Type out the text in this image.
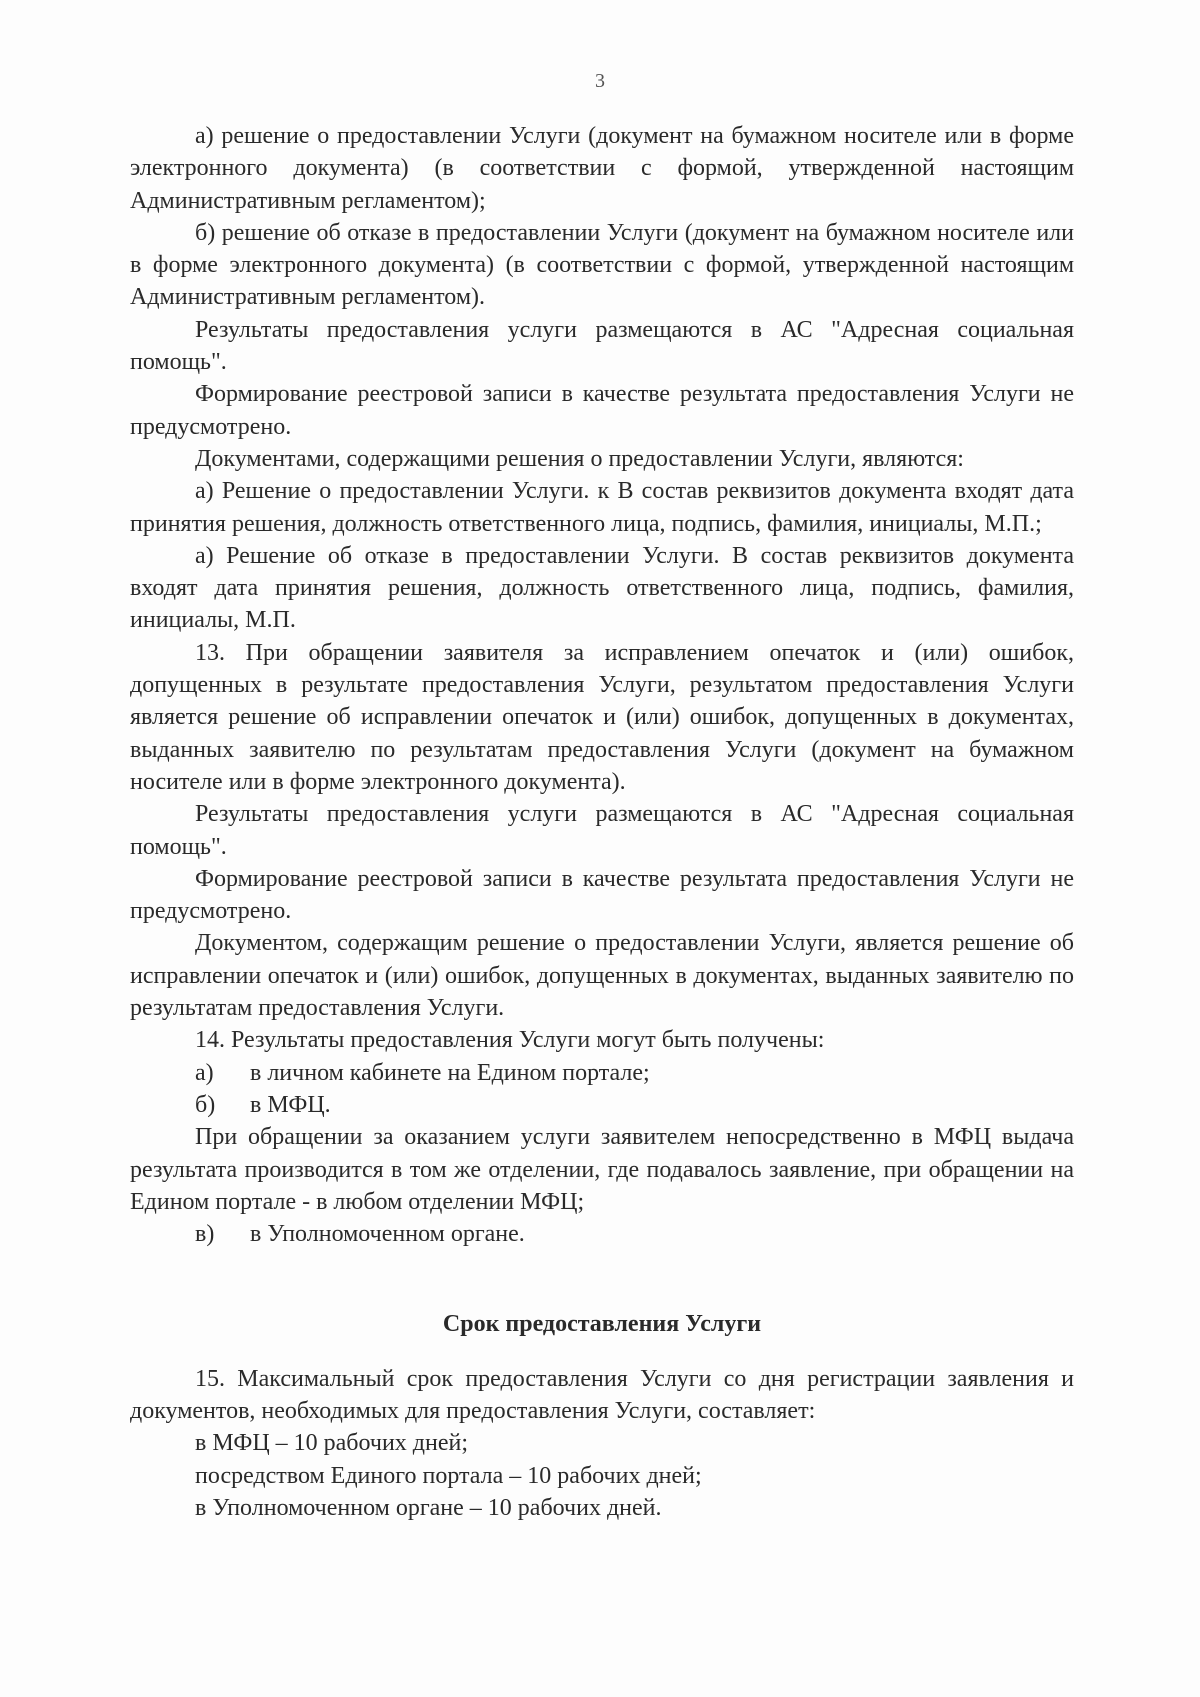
3

а) решение о предоставлении Услуги (документ на бумажном носителе или в форме электронного документа) (в соответствии с формой, утвержденной настоящим Административным регламентом);

б) решение об отказе в предоставлении Услуги (документ на бумажном носителе или в форме электронного документа) (в соответствии с формой, утвержденной настоящим Административным регламентом).

Результаты предоставления услуги размещаются в АС "Адресная социальная помощь".

Формирование реестровой записи в качестве результата предоставления Услуги не предусмотрено.

Документами, содержащими решения о предоставлении Услуги, являются:

а) Решение о предоставлении Услуги. к В состав реквизитов документа входят дата принятия решения, должность ответственного лица, подпись, фамилия, инициалы, М.П.;

а) Решение об отказе в предоставлении Услуги. В состав реквизитов документа входят дата принятия решения, должность ответственного лица, подпись, фамилия, инициалы, М.П.

13. При обращении заявителя за исправлением опечаток и (или) ошибок, допущенных в результате предоставления Услуги, результатом предоставления Услуги является решение об исправлении опечаток и (или) ошибок, допущенных в документах, выданных заявителю по результатам предоставления Услуги (документ на бумажном носителе или в форме электронного документа).

Результаты предоставления услуги размещаются в АС "Адресная социальная помощь".

Формирование реестровой записи в качестве результата предоставления Услуги не предусмотрено.

Документом, содержащим решение о предоставлении Услуги, является решение об исправлении опечаток и (или) ошибок, допущенных в документах, выданных заявителю по результатам предоставления Услуги.

14. Результаты предоставления Услуги могут быть получены:

а) в личном кабинете на Едином портале;

б) в МФЦ.

При обращении за оказанием услуги заявителем непосредственно в МФЦ выдача результата производится в том же отделении, где подавалось заявление, при обращении на Едином портале - в любом отделении МФЦ;

в) в Уполномоченном органе.

Срок предоставления Услуги

15. Максимальный срок предоставления Услуги со дня регистрации заявления и документов, необходимых для предоставления Услуги, составляет:

в МФЦ – 10 рабочих дней;

посредством Единого портала – 10 рабочих дней;

в Уполномоченном органе – 10 рабочих дней.
